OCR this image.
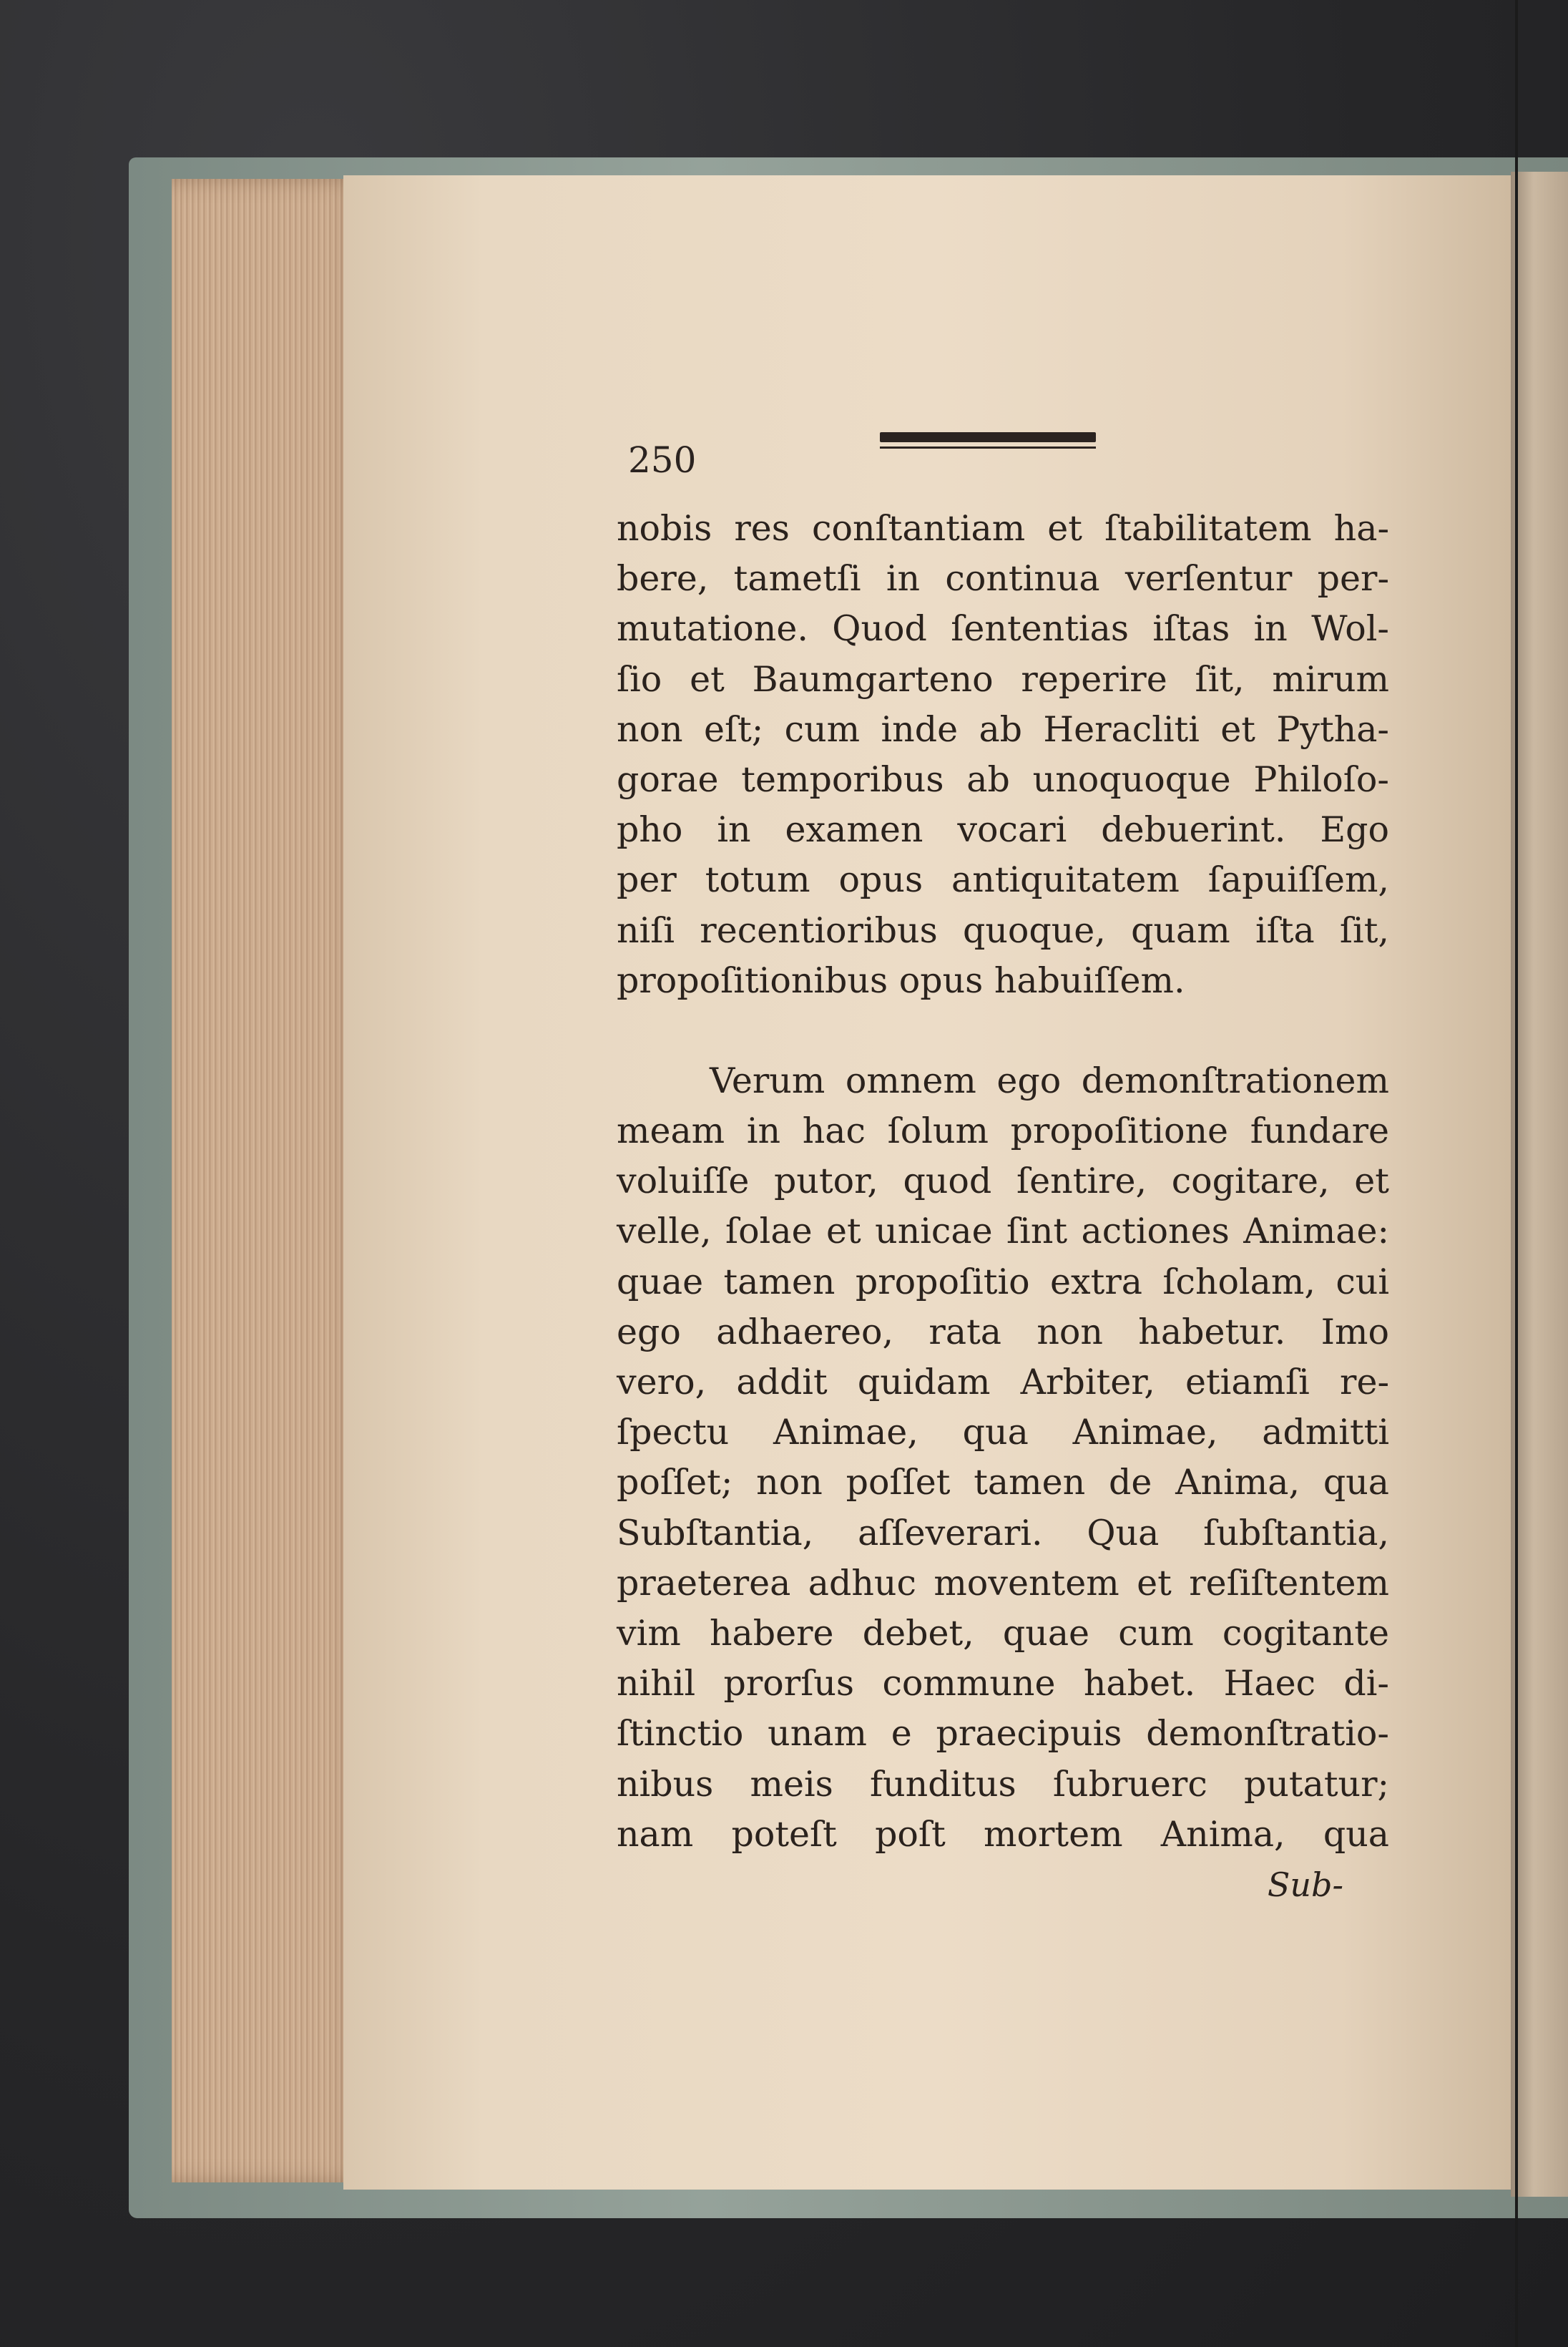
250

nobis res conſtantiam et ſtabilitatem ha-
bere, tametſi in continua verſentur per-
mutatione. Quod ſententias iſtas in Wol-
ſio et Baumgarteno reperire ſit, mirum
non eſt; cum inde ab Heracliti et Pytha-
gorae temporibus ab unoquoque Philoſo-
pho in examen vocari debuerint. Ego
per totum opus antiquitatem ſapuiſſem,
niſi recentioribus quoque, quam iſta ſit,
propoſitionibus opus habuiſſem.
Verum omnem ego demonſtrationem
meam in hac ſolum propoſitione fundare
voluiſſe putor, quod ſentire, cogitare, et
velle, ſolae et unicae ſint actiones Animae:
quae tamen propoſitio extra ſcholam, cui
ego adhaereo, rata non habetur. Imo
vero, addit quidam Arbiter, etiamſi re-
ſpectu Animae, qua Animae, admitti
poſſet; non poſſet tamen de Anima, qua
Subſtantia, aſſeverari. Qua ſubſtantia,
praeterea adhuc moventem et reſiſtentem
vim habere debet, quae cum cogitante
nihil prorſus commune habet. Haec di-
ſtinctio unam e praecipuis demonſtratio-
nibus meis funditus ſubruerc putatur;
nam poteſt poſt mortem Anima, qua
Sub-
